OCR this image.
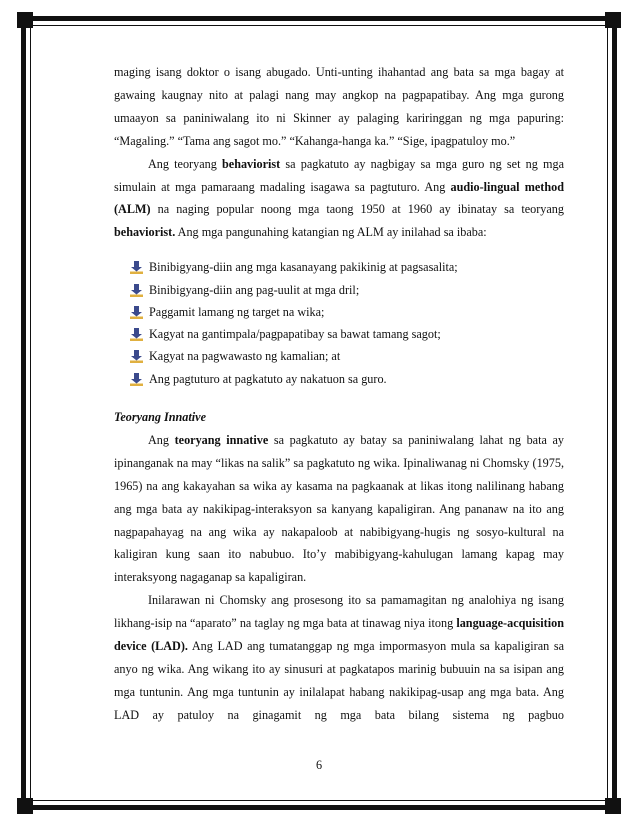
maging isang doktor o isang abugado. Unti-unting ihahantad ang bata sa mga bagay at gawaing kaugnay nito at palagi nang may angkop na pagpapatibay. Ang mga gurong umaayon sa paniniwalang ito ni Skinner ay palaging kariringgan ng mga papuring: “Magaling.” “Tama ang sagot mo.” “Kahanga-hanga ka.” “Sige, ipagpatuloy mo.”

Ang teoryang behaviorist sa pagkatuto ay nagbigay sa mga guro ng set ng mga simulain at mga pamaraang madaling isagawa sa pagtuturo. Ang audio-lingual method (ALM) na naging popular noong mga taong 1950 at 1960 ay ibinatay sa teoryang behaviorist. Ang mga pangunahing katangian ng ALM ay inilahad sa ibaba:

Binibigyang-diin ang mga kasanayang pakikinig at pagsasalita;
Binibigyang-diin ang pag-uulit at mga dril;
Paggamit lamang ng target na wika;
Kagyat na gantimpala/pagpapatibay sa bawat tamang sagot;
Kagyat na pagwawasto ng kamalian; at
Ang pagtuturo at pagkatuto ay nakatuon sa guro.
Teoryang Innative

Ang teoryang innative sa pagkatuto ay batay sa paniniwalang lahat ng bata ay ipinanganak na may “likas na salik” sa pagkatuto ng wika. Ipinaliwanag ni Chomsky (1975, 1965) na ang kakayahan sa wika ay kasama na pagkaanak at likas itong nalilinang habang ang mga bata ay nakikipag-interaksyon sa kanyang kapaligiran. Ang pananaw na ito ang nagpapahayag na ang wika ay nakapaloob at nabibigyang-hugis ng sosyo-kultural na kaligiran kung saan ito nabubuo. Ito’y mabibigyang-kahulugan lamang kapag may interaksyong nagaganap sa kapaligiran.

Inilarawan ni Chomsky ang prosesong ito sa pamamagitan ng analohiya ng isang likhang-isip na “aparato” na taglay ng mga bata at tinawag niya itong language-acquisition device (LAD). Ang LAD ang tumatanggap ng mga impormasyon mula sa kapaligiran sa anyo ng wika. Ang wikang ito ay sinusuri at pagkatapos marinig bubuuin na sa isipan ang mga tuntunin. Ang mga tuntunin ay inilalapat habang nakikipag-usap ang mga bata. Ang LAD ay patuloy na ginagamit ng mga bata bilang sistema ng pagbuo

6
